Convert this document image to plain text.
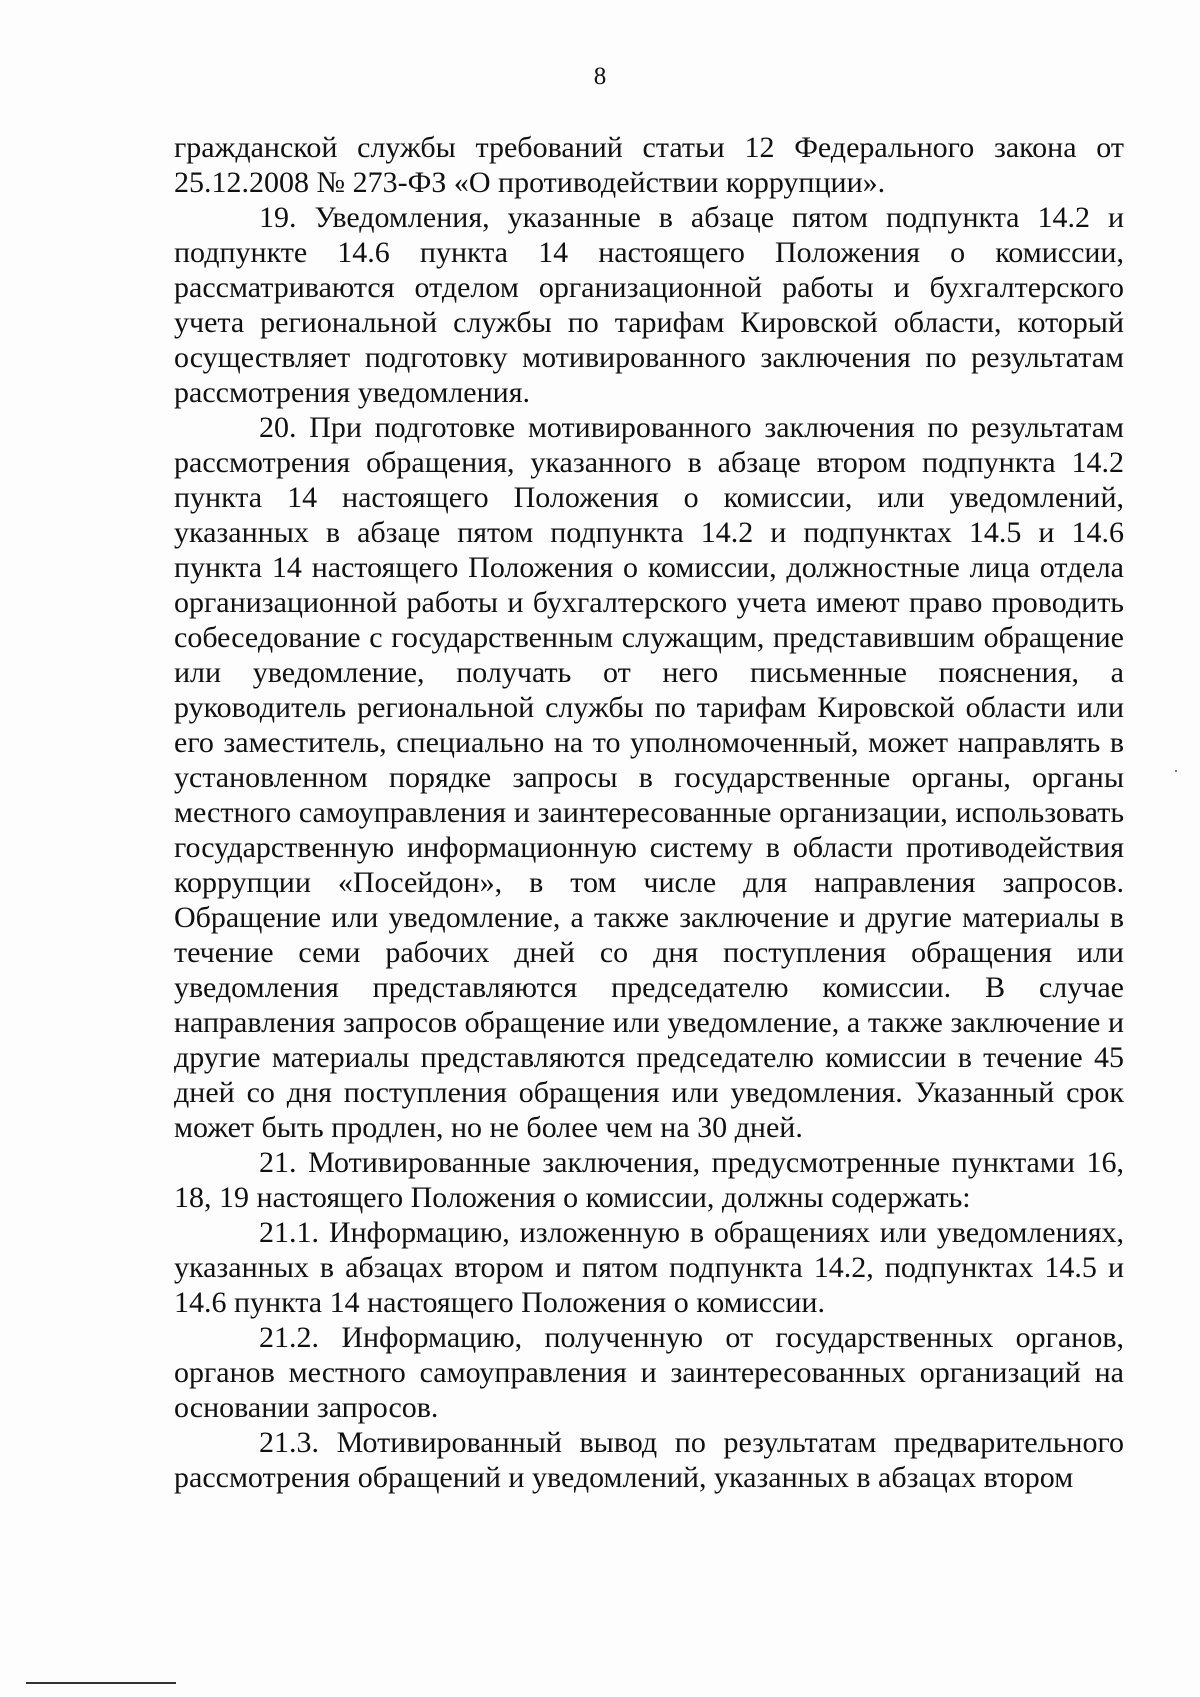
8

гражданской службы требований статьи 12 Федерального закона от 25.12.2008 № 273-ФЗ «О противодействии коррупции».

19. Уведомления, указанные в абзаце пятом подпункта 14.2 и подпункте 14.6 пункта 14 настоящего Положения о комиссии, рассматриваются отделом организационной работы и бухгалтерского учета региональной службы по тарифам Кировской области, который осуществляет подготовку мотивированного заключения по результатам рассмотрения уведомления.

20. При подготовке мотивированного заключения по результатам рассмотрения обращения, указанного в абзаце втором подпункта 14.2 пункта 14 настоящего Положения о комиссии, или уведомлений, указанных в абзаце пятом подпункта 14.2 и подпунктах 14.5 и 14.6 пункта 14 настоящего Положения о комиссии, должностные лица отдела организационной работы и бухгалтерского учета имеют право проводить собеседование с государственным служащим, представившим обращение или уведомление, получать от него письменные пояснения, а руководитель региональной службы по тарифам Кировской области или его заместитель, специально на то уполномоченный, может направлять в установленном порядке запросы в государственные органы, органы местного самоуправления и заинтересованные организации, использовать государственную информационную систему в области противодействия коррупции «Посейдон», в том числе для направления запросов. Обращение или уведомление, а также заключение и другие материалы в течение семи рабочих дней со дня поступления обращения или уведомления представляются председателю комиссии. В случае направления запросов обращение или уведомление, а также заключение и другие материалы представляются председателю комиссии в течение 45 дней со дня поступления обращения или уведомления. Указанный срок может быть продлен, но не более чем на 30 дней.

21. Мотивированные заключения, предусмотренные пунктами 16, 18, 19 настоящего Положения о комиссии, должны содержать:

21.1. Информацию, изложенную в обращениях или уведомлениях, указанных в абзацах втором и пятом подпункта 14.2, подпунктах 14.5 и 14.6 пункта 14 настоящего Положения о комиссии.

21.2. Информацию, полученную от государственных органов, органов местного самоуправления и заинтересованных организаций на основании запросов.

21.3. Мотивированный вывод по результатам предварительного рассмотрения обращений и уведомлений, указанных в абзацах втором
